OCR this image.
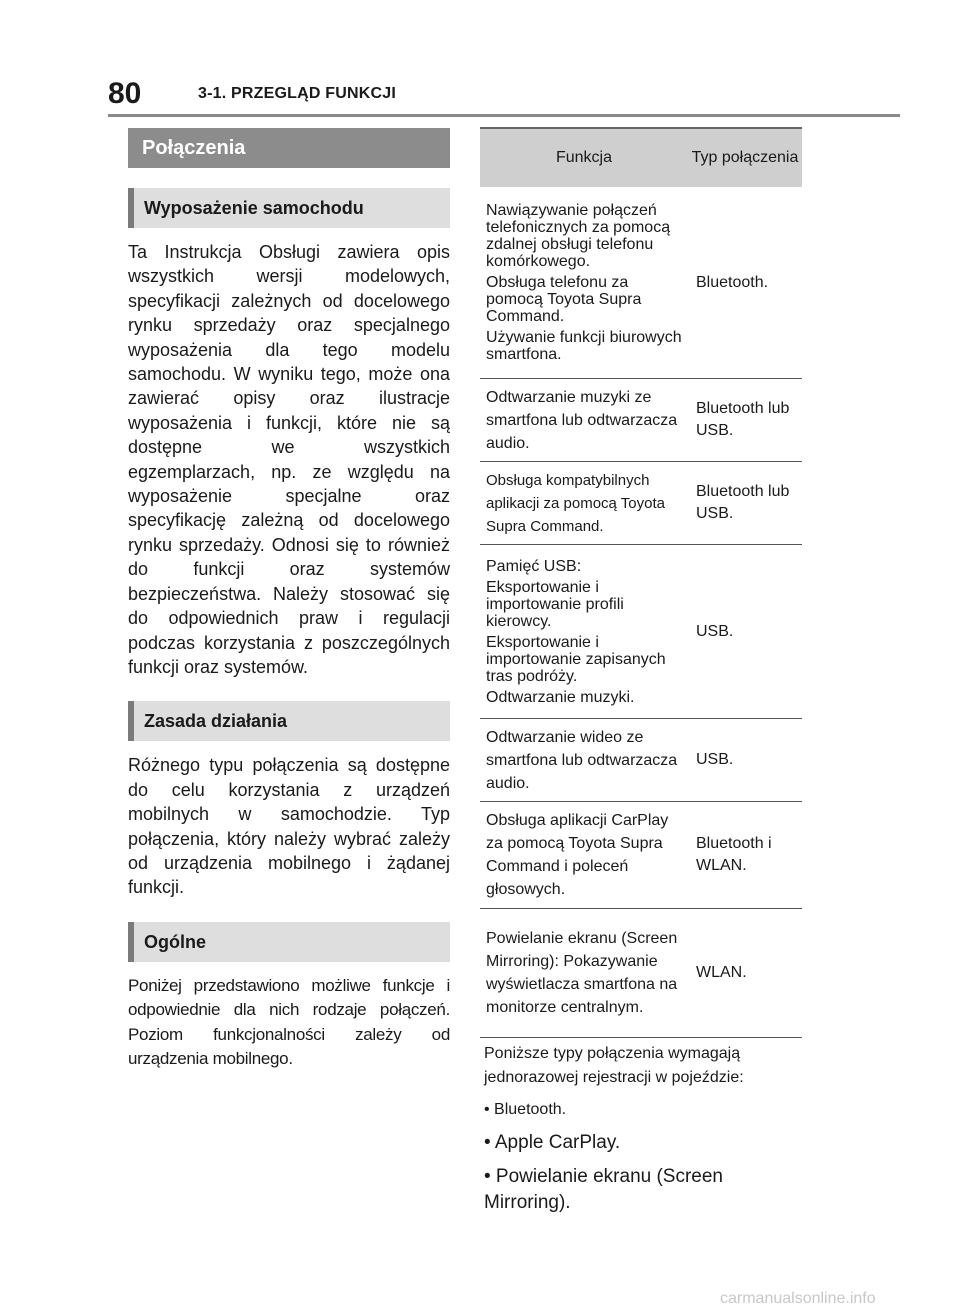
80	3-1. PRZEGLĄD FUNKCJI
Połączenia
Wyposażenie samochodu

Ta Instrukcja Obsługi zawiera opis wszystkich wersji modelowych, specyfikacji zależnych od docelowego rynku sprzedaży oraz specjalnego wyposażenia dla tego modelu samochodu. W wyniku tego, może ona zawierać opisy oraz ilustracje wyposażenia i funkcji, które nie są dostępne we wszystkich egzemplarzach, np. ze względu na wyposażenie specjalne oraz specyfikację zależną od docelowego rynku sprzedaży. Odnosi się to również do funkcji oraz systemów bezpieczeństwa. Należy stosować się do odpowiednich praw i regulacji podczas korzystania z poszczególnych funkcji oraz systemów.

Zasada działania

Różnego typu połączenia są dostępne do celu korzystania z urządzeń mobilnych w samochodzie. Typ połączenia, który należy wybrać zależy od urządzenia mobilnego i żądanej funkcji.

Ogólne

Poniżej przedstawiono możliwe funkcje i odpowiednie dla nich rodzaje połączeń. Poziom funkcjonalności zależy od urządzenia mobilnego.

Funkcja	Typ połączenia
Nawiązywanie połączeń telefonicznych za pomocą zdalnej obsługi telefonu komórkowego.
Obsługa telefonu za pomocą Toyota Supra Command.
Używanie funkcji biurowych smartfona.
Bluetooth.
Odtwarzanie muzyki ze smartfona lub odtwarzacza audio.
Bluetooth lub USB.
Obsługa kompatybilnych aplikacji za pomocą Toyota Supra Command.
Bluetooth lub USB.
Pamięć USB:
Eksportowanie i importowanie profili kierowcy.
Eksportowanie i importowanie zapisanych tras podróży.
Odtwarzanie muzyki.
USB.
Odtwarzanie wideo ze smartfona lub odtwarzacza audio.
USB.
Obsługa aplikacji CarPlay za pomocą Toyota Supra Command i poleceń głosowych.
Bluetooth i WLAN.
Powielanie ekranu (Screen Mirroring): Pokazywanie wyświetlacza smartfona na monitorze centralnym.
WLAN.

Poniższe typy połączenia wymagają jednorazowej rejestracji w pojeździe:

• Bluetooth.

• Apple CarPlay.

• Powielanie ekranu (Screen Mirroring).

carmanualsonline.info
